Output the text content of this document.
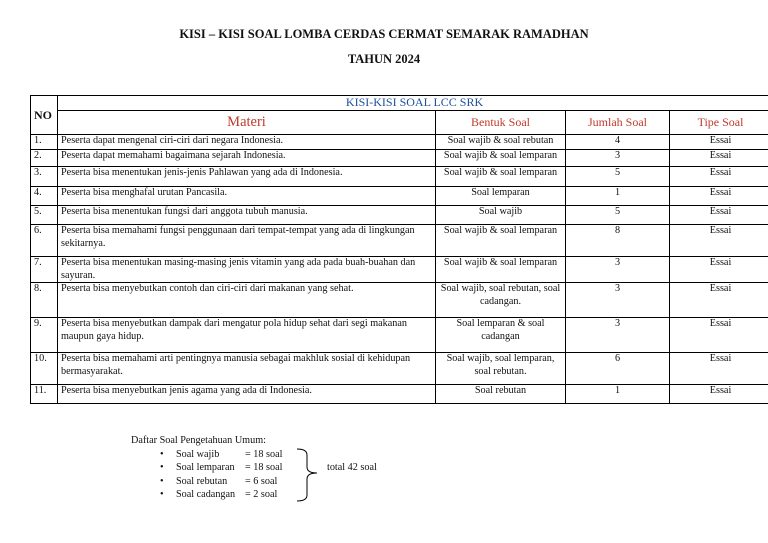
KISI – KISI SOAL LOMBA CERDAS CERMAT SEMARAK RAMADHAN
TAHUN 2024
NO	KISI-KISI SOAL LCC SRK			
	Materi	Bentuk Soal	Jumlah Soal	Tipe Soal
1.	Peserta dapat mengenal ciri-ciri dari negara Indonesia.	Soal wajib & soal rebutan	4	Essai
2.	Peserta dapat memahami bagaimana sejarah Indonesia.	Soal wajib & soal lemparan	3	Essai
3.	Peserta bisa menentukan jenis-jenis Pahlawan yang ada di Indonesia.	Soal wajib & soal lemparan	5	Essai
4.	Peserta bisa menghafal urutan Pancasila.	Soal lemparan	1	Essai
5.	Peserta bisa menentukan fungsi dari anggota tubuh manusia.	Soal wajib	5	Essai
6.	Peserta bisa memahami fungsi penggunaan dari tempat-tempat yang ada di lingkungan sekitarnya.	Soal wajib & soal lemparan	8	Essai
7.	Peserta bisa menentukan masing-masing jenis vitamin yang ada pada buah-buahan dan sayuran.	Soal wajib & soal lemparan	3	Essai
8.	Peserta bisa menyebutkan contoh dan ciri-ciri dari makanan yang sehat.	Soal wajib, soal rebutan, soal cadangan.	3	Essai
9.	Peserta bisa menyebutkan dampak dari mengatur pola hidup sehat dari segi makanan maupun gaya hidup.	Soal lemparan & soal cadangan	3	Essai
10.	Peserta bisa memahami arti pentingnya manusia sebagai makhluk sosial di kehidupan bermasyarakat.	Soal wajib, soal lemparan, soal rebutan.	6	Essai
11.	Peserta bisa menyebutkan jenis agama yang ada di Indonesia.	Soal rebutan	1	Essai
Daftar Soal Pengetahuan Umum:
•	Soal wajib	= 18 soal
•	Soal lemparan	= 18 soal
•	Soal rebutan	= 6 soal
•	Soal cadangan = 2 soal
total 42 soal
